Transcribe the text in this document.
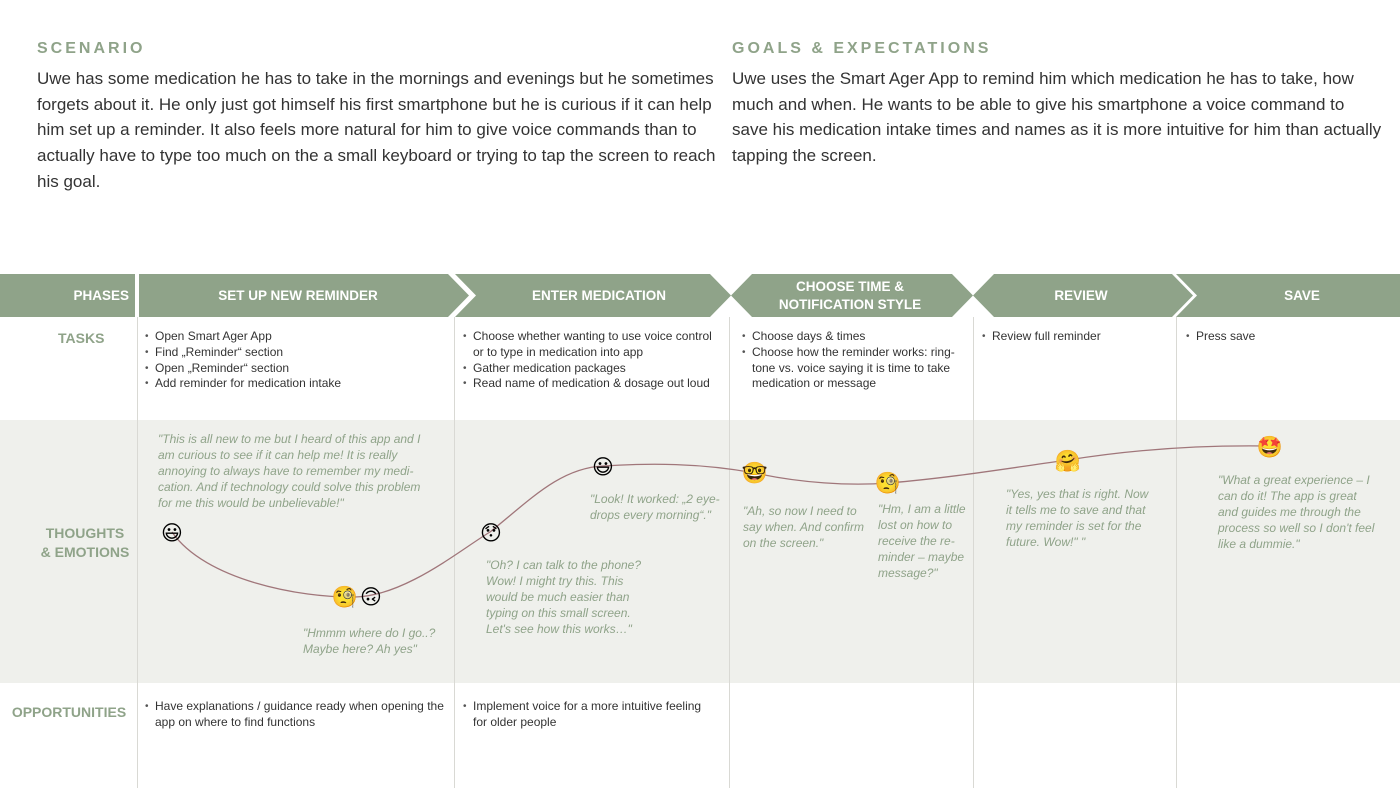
SCENARIO
Uwe has some medication he has to take in the mornings and evenings but he sometimes forgets about it. He only just got himself his first smartphone but he is curious if it can help him set up a reminder. It also feels more natural for him to give voice commands than to actually have to type too much on the a small keyboard or trying to tap the screen to reach his goal.
GOALS & EXPECTATIONS
Uwe uses the Smart Ager App to remind him which medication he has to take, how much and when. He wants to be able to give his smartphone a voice command to save his medication intake times and names as it is more intuitive for him than actually tapping the screen.
PHASES	SET UP NEW REMINDER	ENTER MEDICATION
CHOOSE TIME & NOTIFICATION STYLE
REVIEW	SAVE
TASKS
THOUGHTS & EMOTIONS
OPPORTUNITIES
• Open Smart Ager App
• Find „Reminder“ section
• Open „Reminder“ section
• Add reminder for medication intake
• Choose whether wanting to use voice control or to type in medication into app
• Gather medication packages
• Read name of medication & dosage out loud
• Choose days & times
• Choose how the reminder works: ring-tone vs. voice saying it is time to take medication or message
• Review full reminder
•	Press save
😃
🧐 🙃
😯
😃	🤓	🧐
🤗
🤩

"This is all new to me but I heard of this app and I am curious to see if it can help me! It is really annoying to always have to remember my medi-cation. And if technology could solve this problem for me this would be unbelievable!"

"Hmmm where do I go..? Maybe here? Ah yes"

"Oh? I can talk to the phone? Wow! I might try this. This would be much easier than typing on this small screen. Let's see how this works…"

"Look! It worked: „2 eye-drops every morning“."	"Ah, so now I need to say when. And confirm on the screen."

"Hm, I am a little lost on how to receive the re-minder – maybe message?"

"Yes, yes that is right. Now it tells me to save and that my reminder is set for the future. Wow!" "

"What a great experience – I can do it! The app is great and guides me through the process so well so I don't feel like a dummie."

• Have explanations / guidance ready when opening the app on where to find functions
• Implement voice for a more intuitive feeling for older people
